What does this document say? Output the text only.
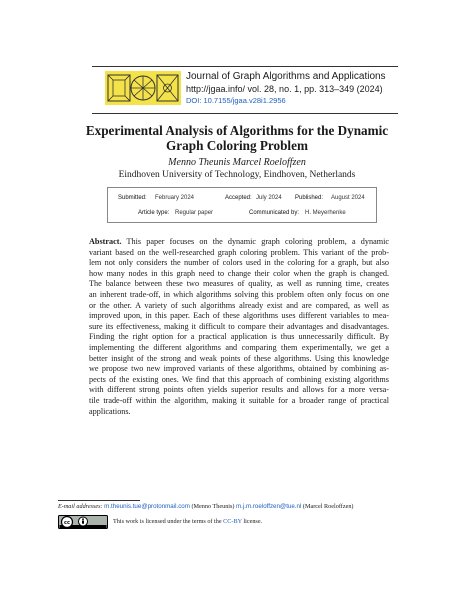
Journal of Graph Algorithms and Applications
http://jgaa.info/ vol. 28, no. 1, pp. 313–349 (2024)
DOI: 10.7155/jgaa.v28i1.2956
Experimental Analysis of Algorithms for the Dynamic
Graph Coloring Problem
Menno Theunis Marcel Roeloffzen
Eindhoven University of Technology, Eindhoven, Netherlands
Submitted: February 2024	Accepted: July 2024 Published: August 2024
Article type: Regular paper	Communicated by: H. Meyerhenke
Abstract. This paper focuses on the dynamic graph coloring problem, a dynamic
variant based on the well-researched graph coloring problem. This variant of the prob-
lem not only considers the number of colors used in the coloring for a graph, but also
how many nodes in this graph need to change their color when the graph is changed.
The balance between these two measures of quality, as well as running time, creates
an inherent trade-off, in which algorithms solving this problem often only focus on one
or the other. A variety of such algorithms already exist and are compared, as well as
improved upon, in this paper. Each of these algorithms uses different variables to mea-
sure its effectiveness, making it difficult to compare their advantages and disadvantages.
Finding the right option for a practical application is thus unnecessarily difficult. By
implementing the different algorithms and comparing them experimentally, we get a
better insight of the strong and weak points of these algorithms. Using this knowledge
we propose two new improved variants of these algorithms, obtained by combining as-
pects of the existing ones. We find that this approach of combining existing algorithms
with different strong points often yields superior results and allows for a more versa-
tile trade-off within the algorithm, making it suitable for a broader range of practical
applications.
E-mail addresses: m.theunis.tue@protonmail.com (Menno Theunis) m.j.m.roeloffzen@tue.nl (Marcel Roeloffzen)
cc	This work is licensed under the terms of the CC-BY license.
